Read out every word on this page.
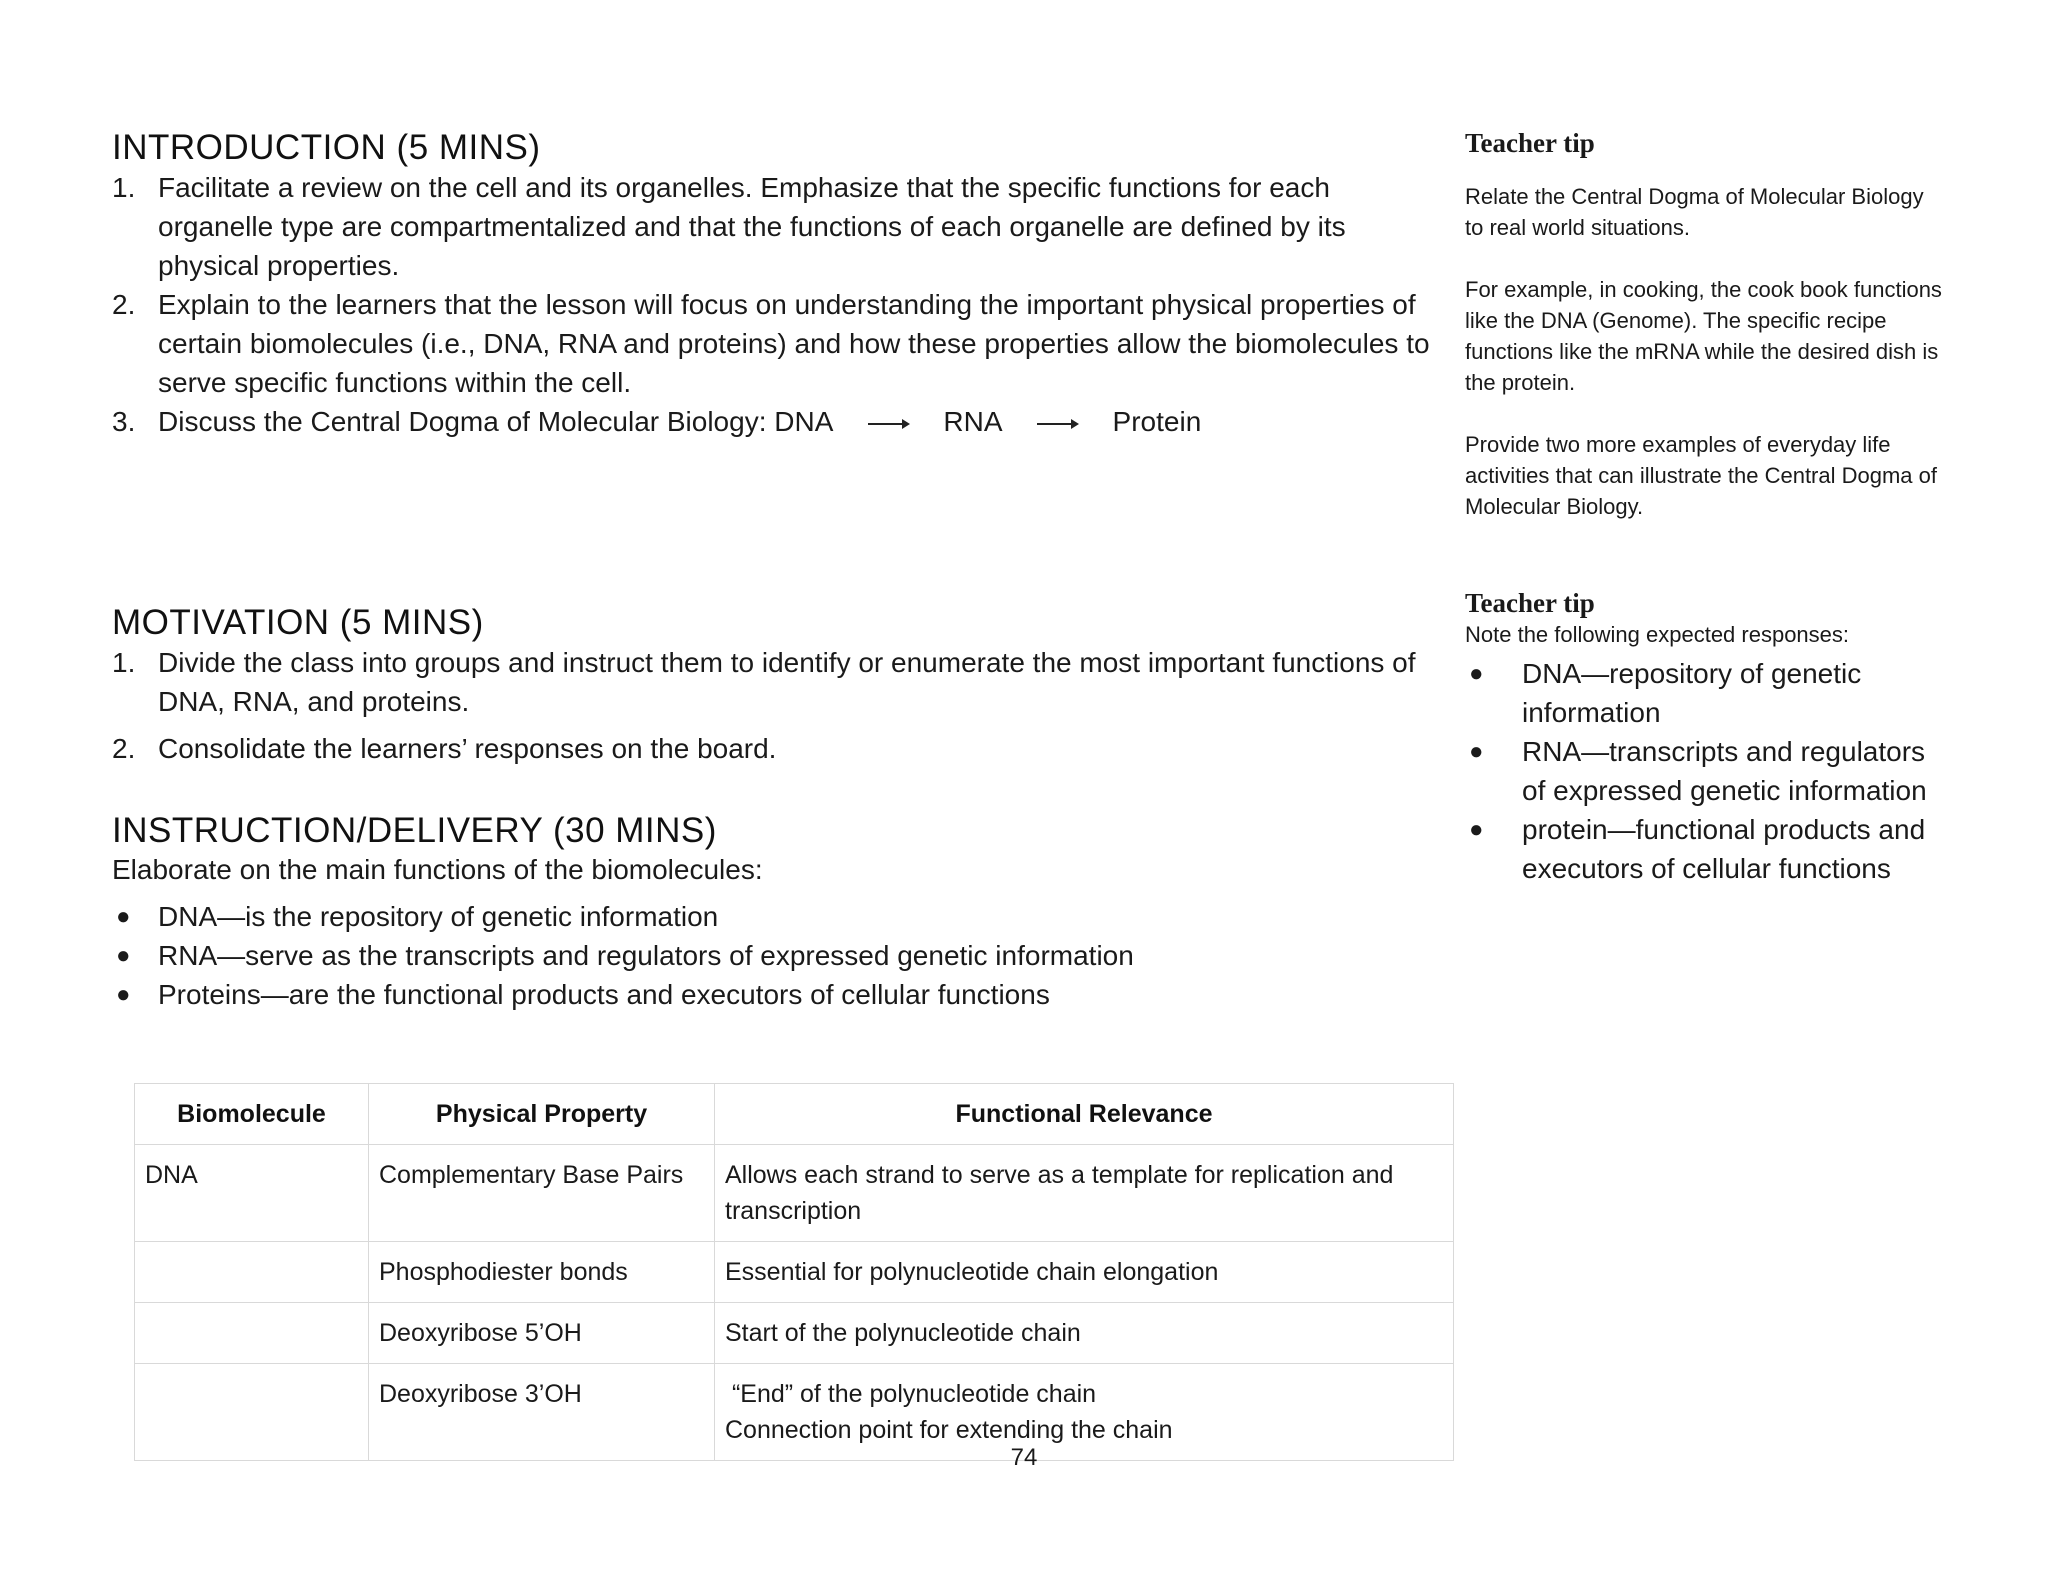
INTRODUCTION (5 MINS)
1. Facilitate a review on the cell and its organelles. Emphasize that the specific functions for each organelle type are compartmentalized and that the functions of each organelle are defined by its physical properties.
2. Explain to the learners that the lesson will focus on understanding the important physical properties of certain biomolecules (i.e., DNA, RNA and proteins) and how these properties allow the biomolecules to serve specific functions within the cell.
3. Discuss the Central Dogma of Molecular Biology: DNA	RNA	Protein
MOTIVATION (5 MINS)
1. Divide the class into groups and instruct them to identify or enumerate the most important functions of DNA, RNA, and proteins.
2. Consolidate the learners’ responses on the board.
INSTRUCTION/DELIVERY (30 MINS)

Elaborate on the main functions of the biomolecules:

● DNA—is the repository of genetic information
● RNA—serve as the transcripts and regulators of expressed genetic information
● Proteins—are the functional products and executors of cellular functions
Biomolecule	Physical Property	Functional Relevance
DNA	Complementary Base Pairs	Allows each strand to serve as a template for replication and transcription
	Phosphodiester bonds	Essential for polynucleotide chain elongation
	Deoxyribose 5’OH	Start of the polynucleotide chain
	Deoxyribose 3’OH	“End” of the polynucleotide chain
Connection point for extending the chain
74

Teacher tip

Relate the Central Dogma of Molecular Biology to real world situations.

For example, in cooking, the cook book functions like the DNA (Genome). The specific recipe functions like the mRNA while the desired dish is the protein.

Provide two more examples of everyday life activities that can illustrate the Central Dogma of Molecular Biology.

Teacher tip

Note the following expected responses:

● DNA—repository of genetic information
● RNA—transcripts and regulators of expressed genetic information
● protein—functional products and executors of cellular functions
